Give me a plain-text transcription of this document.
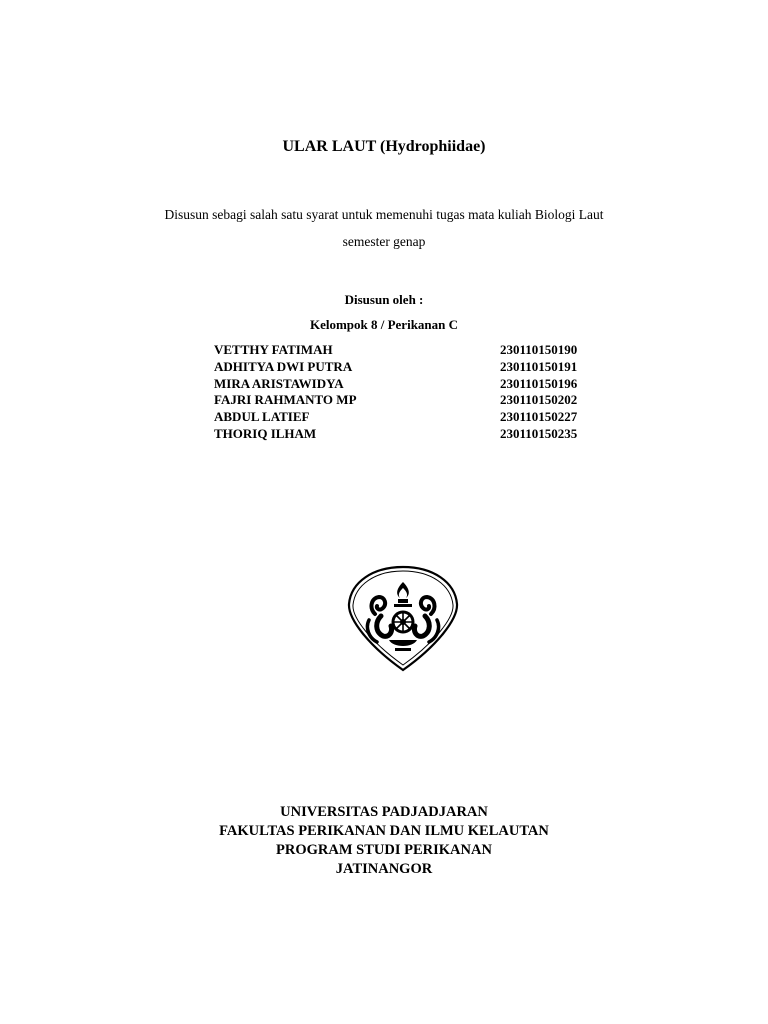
ULAR LAUT (Hydrophiidae)
Disusun sebagi salah satu syarat untuk memenuhi tugas mata kuliah Biologi Laut
semester genap
Disusun oleh :
Kelompok 8 / Perikanan C
VETTHY FATIMAH	230110150190
ADHITYA DWI PUTRA	230110150191
MIRA ARISTAWIDYA	230110150196
FAJRI RAHMANTO MP	230110150202
ABDUL LATIEF	230110150227
THORIQ ILHAM	230110150235
UNIVERSITAS PADJADJARAN
FAKULTAS PERIKANAN DAN ILMU KELAUTAN
PROGRAM STUDI PERIKANAN
JATINANGOR
